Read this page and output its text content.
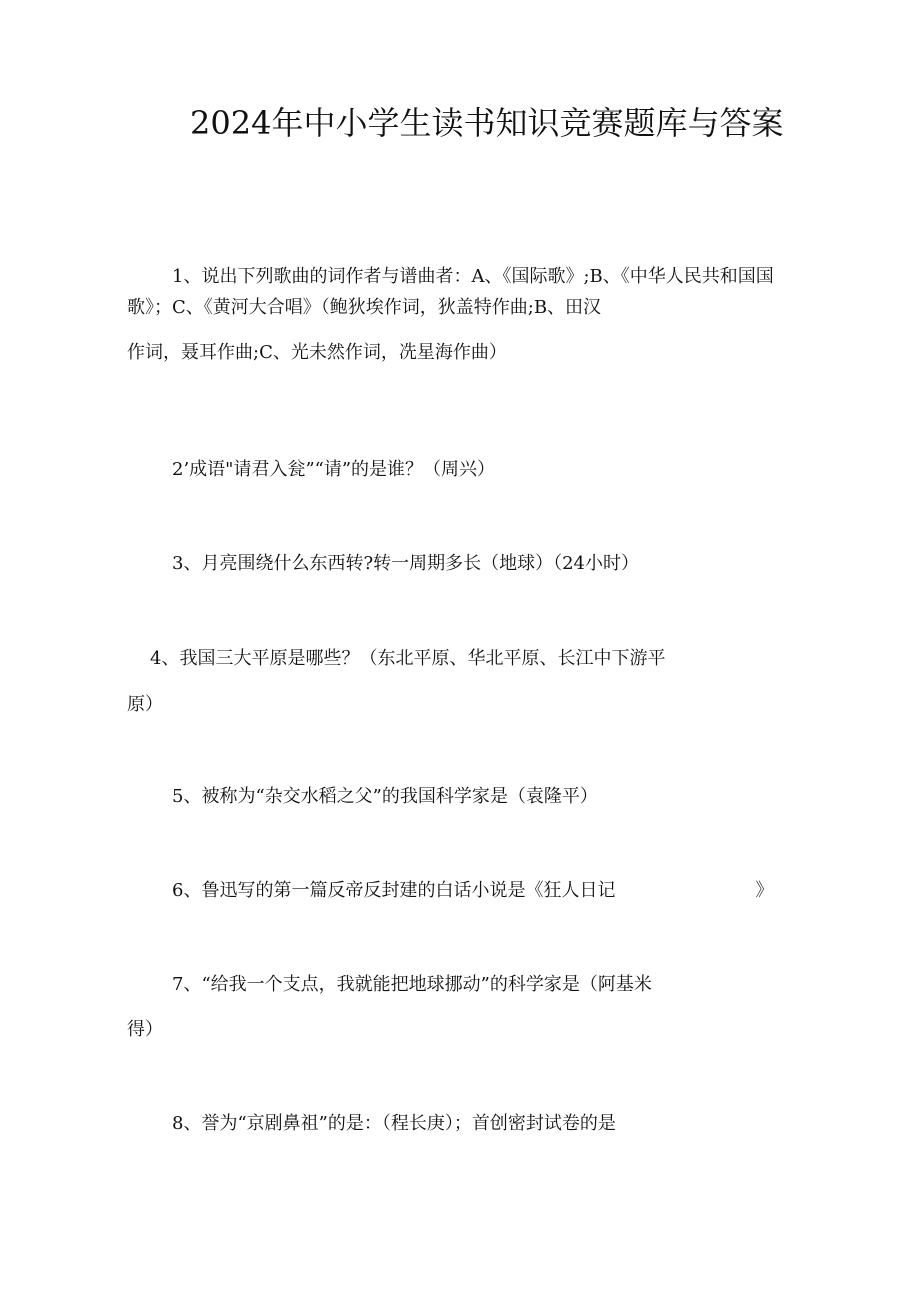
2024年中小学生读书知识竞赛题库与答案
1、说出下列歌曲的词作者与谱曲者：A、《国际歌》;B、《中华人民共和国国
歌》；C、《黄河大合唱》（鲍狄埃作词，狄盖特作曲;B、田汉
作词，聂耳作曲;C、光未然作词，冼星海作曲）
2’成语"请君入瓮”“请”的是谁？（周兴）
3、月亮围绕什么东西转?转一周期多长（地球）（24小时）
4、我国三大平原是哪些？（东北平原、华北平原、长江中下游平
原）
5、被称为“杂交水稻之父”的我国科学家是（袁隆平）
6、鲁迅写的第一篇反帝反封建的白话小说是《狂人日记	》
7、“给我一个支点，我就能把地球挪动”的科学家是（阿基米
得）
8、誉为“京剧鼻祖”的是：（程长庚）；首创密封试卷的是
